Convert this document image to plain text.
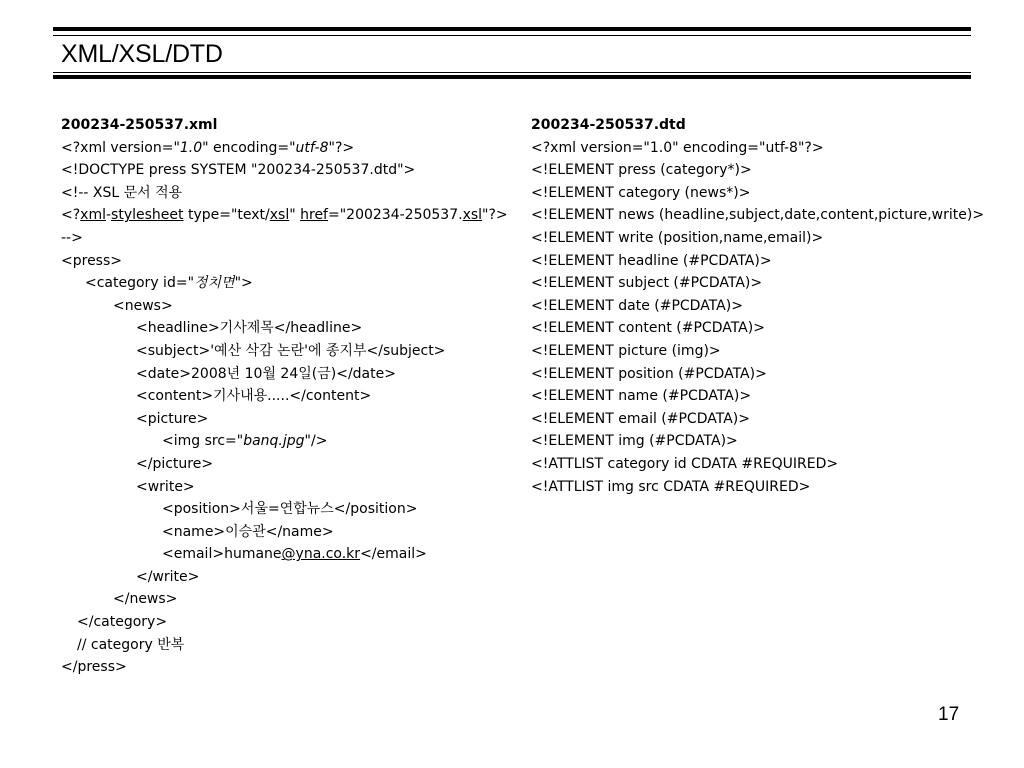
XML/XSL/DTD
200234-250537.xml
<?xml version="1.0" encoding="utf-8"?>
<!DOCTYPE press SYSTEM "200234-250537.dtd">
<!-- XSL 문서 적용
<?xml-stylesheet type="text/xsl" href="200234-250537.xsl"?>
-->
<press>
<category id="정치면">
<news>
<headline>기사제목</headline>
<subject>'예산 삭감 논란'에 종지부</subject>
<date>2008년 10월 24일(금)</date>
<content>기사내용.....</content>
<picture>
<img src="banq.jpg"/>
</picture>
<write>
<position>서울=연합뉴스</position>
<name>이승관</name>
<email>humane@yna.co.kr</email>
</write>
</news>
</category>
// category 반복
</press>
200234-250537.dtd
<?xml version="1.0" encoding="utf-8"?>
<!ELEMENT press (category*)>
<!ELEMENT category (news*)>
<!ELEMENT news (headline,subject,date,content,picture,write)>
<!ELEMENT write (position,name,email)>
<!ELEMENT headline (#PCDATA)>
<!ELEMENT subject (#PCDATA)>
<!ELEMENT date (#PCDATA)>
<!ELEMENT content (#PCDATA)>
<!ELEMENT picture (img)>
<!ELEMENT position (#PCDATA)>
<!ELEMENT name (#PCDATA)>
<!ELEMENT email (#PCDATA)>
<!ELEMENT img (#PCDATA)>
<!ATTLIST category id CDATA #REQUIRED>
<!ATTLIST img src CDATA #REQUIRED>
17
